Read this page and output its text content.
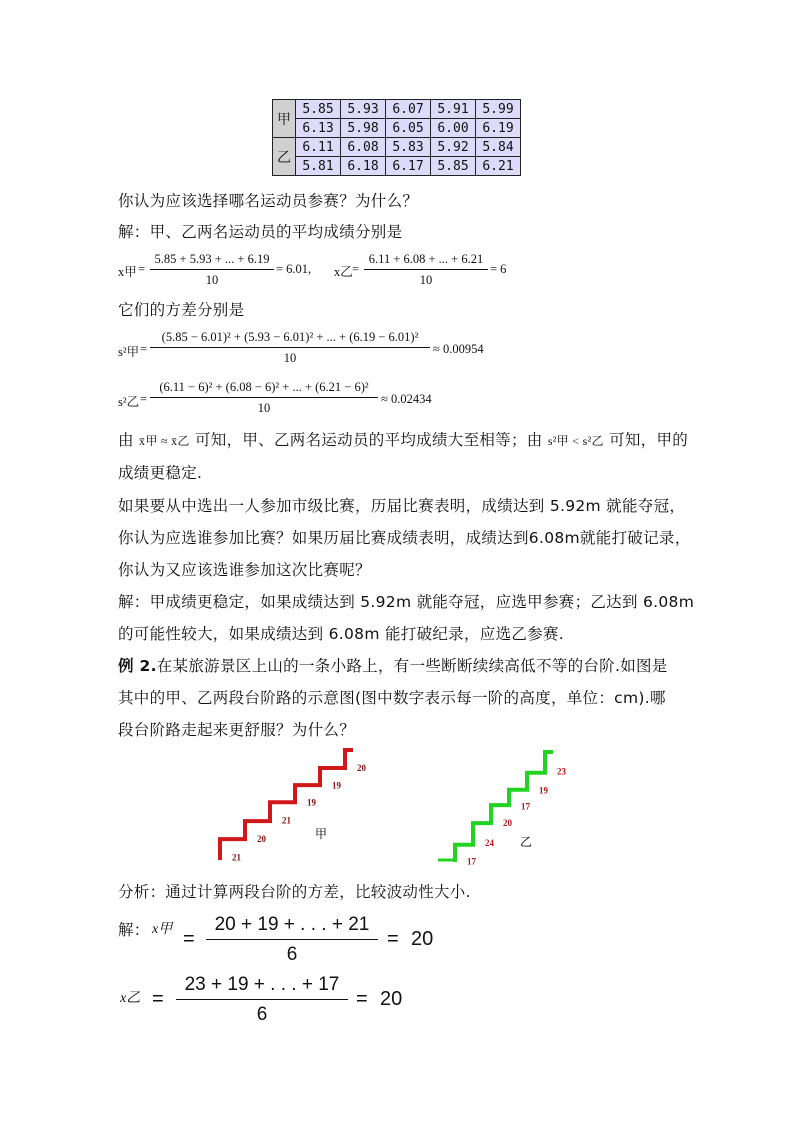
甲	5.85	5.93	6.07	5.91	5.99
	6.13	5.98	6.05	6.00	6.19
乙	6.11	6.08	5.83	5.92	5.84
	5.81	6.18	6.17	5.85	6.21
你认为应该选择哪名运动员参赛？为什么？
解：甲、乙两名运动员的平均成绩分别是
x甲 =
5.85 + 5.93 + ... + 6.19
10
= 6.01, x乙 =
6.11 + 6.08 + ... + 6.21
10
= 6
它们的方差分别是
s²甲 =
(5.85 − 6.01)² + (5.93 − 6.01)² + ... + (6.19 − 6.01)²
10
≈ 0.00954
s²乙 =
(6.11 − 6)² + (6.08 − 6)² + ... + (6.21 − 6)²
10
≈ 0.02434
由 x̄甲 ≈ x̄乙 可知，甲、乙两名运动员的平均成绩大至相等；由 s²甲 < s²乙 可知，甲的
成绩更稳定.
如果要从中选出一人参加市级比赛，历届比赛表明，成绩达到 5.92m 就能夺冠，
你认为应选谁参加比赛？如果历届比赛成绩表明，成绩达到6.08m就能打破记录，
你认为又应该选谁参加这次比赛呢？
解：甲成绩更稳定，如果成绩达到 5.92m 就能夺冠，应选甲参赛；乙达到 6.08m
的可能性较大，如果成绩达到 6.08m 能打破纪录，应选乙参赛.
例 2.在某旅游景区上山的一条小路上，有一些断断续续高低不等的台阶.如图是
其中的甲、乙两段台阶路的示意图(图中数字表示每一阶的高度，单位：cm).哪
段台阶路走起来更舒服？为什么？
21
20
21
19
19
20
甲
17
24
20
17
19
23
乙
分析：通过计算两段台阶的方差，比较波动性大小.
解： x甲 =
20 + 19 + . . . + 21
6
= 20
x乙 =
23 + 19 + . . . + 17
6
= 20
